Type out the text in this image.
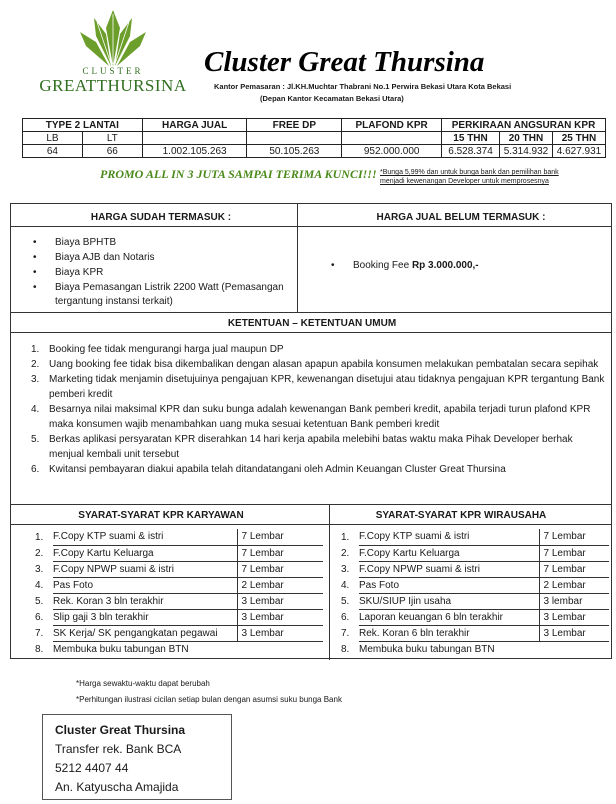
CLUSTER
GREATTHURSINA
Cluster Great Thursina
Kantor Pemasaran : Jl.KH.Muchtar Thabrani No.1 Perwira Bekasi Utara Kota Bekasi
(Depan Kantor Kecamatan Bekasi Utara)
TYPE 2 LANTAI		HARGA JUAL	FREE DP	PLAFOND KPR	PERKIRAAN ANGSURAN KPR		
LB	LT				15 THN	20 THN	25 THN
64	66	1.002.105.263	50.105.263	952.000.000	6.528.374	5.314.932	4.627.931
PROMO ALL IN 3 JUTA SAMPAI TERIMA KUNCI!!! *Bunga 5,99% dan untuk bunga bank dan pemilihan bank
menjadi kewenangan Developer untuk memprosesnya
HARGA SUDAH TERMASUK :	HARGA JUAL BELUM TERMASUK :
• Biaya BPHTB
• Biaya AJB dan Notaris
• Biaya KPR
• Biaya Pemasangan Listrik 2200 Watt (Pemasangan
tergantung instansi terkait)
• Booking Fee Rp 3.000.000,-
KETENTUAN – KETENTUAN UMUM
1. Booking fee tidak mengurangi harga jual maupun DP
2. Uang booking fee tidak bisa dikembalikan dengan alasan apapun apabila konsumen melakukan pembatalan secara sepihak
3. Marketing tidak menjamin disetujuinya pengajuan KPR, kewenangan disetujui atau tidaknya pengajuan KPR tergantung Bank pemberi kredit
4. Besarnya nilai maksimal KPR dan suku bunga adalah kewenangan Bank pemberi kredit, apabila terjadi turun plafond KPR maka konsumen wajib menambahkan uang muka sesuai ketentuan Bank pemberi kredit
5. Berkas aplikasi persyaratan KPR diserahkan 14 hari kerja apabila melebihi batas waktu maka Pihak Developer berhak menjual kembali unit tersebut
6. Kwitansi pembayaran diakui apabila telah ditandatangani oleh Admin Keuangan Cluster Great Thursina
SYARAT-SYARAT KPR KARYAWAN	SYARAT-SYARAT KPR WIRAUSAHA
1.	F.Copy KTP suami & istri	7 Lembar
2.	F.Copy Kartu Keluarga	7 Lembar
3.	F.Copy NPWP suami & istri	7 Lembar
4.	Pas Foto	2 Lembar
5.	Rek. Koran 3 bln terakhir	3 Lembar
6.	Slip gaji 3 bln terakhir	3 Lembar
7.	SK Kerja/ SK pengangkatan pegawai	3 Lembar
8.	Membuka buku tabungan BTN	
1.	F.Copy KTP suami & istri	7 Lembar
2.	F.Copy Kartu Keluarga	7 Lembar
3.	F.Copy NPWP suami & istri	7 Lembar
4.	Pas Foto	2 Lembar
5.	SKU/SIUP Ijin usaha	3 lembar
6.	Laporan keuangan 6 bln terakhir	3 Lembar
7.	Rek. Koran 6 bln terakhir	3 Lembar
8.	Membuka buku tabungan BTN	
*Harga sewaktu-waktu dapat berubah
*Perhitungan ilustrasi cicilan setiap bulan dengan asumsi suku bunga Bank
Cluster Great Thursina
Transfer rek. Bank BCA
5212 4407 44
An. Katyuscha Amajida
